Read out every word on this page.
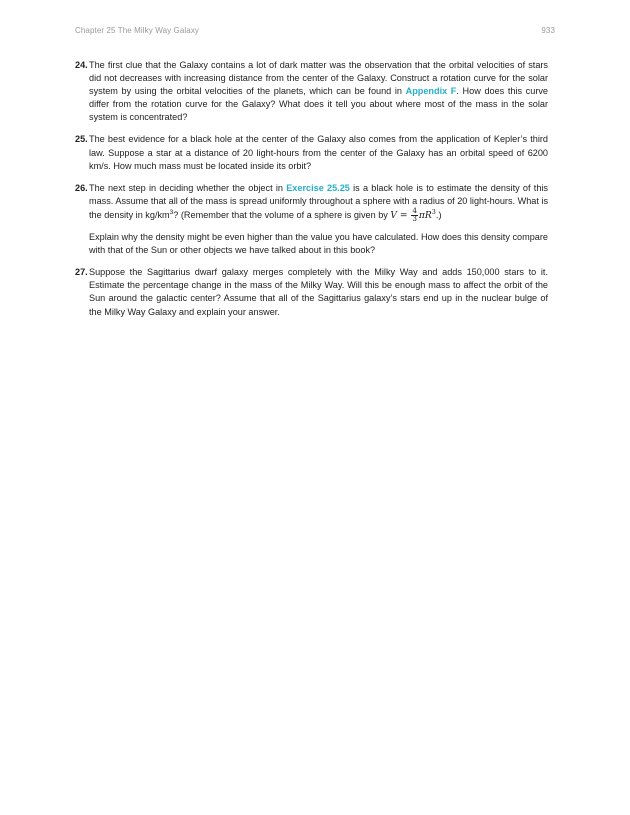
Chapter 25 The Milky Way Galaxy	933
24. The first clue that the Galaxy contains a lot of dark matter was the observation that the orbital velocities of stars did not decreases with increasing distance from the center of the Galaxy. Construct a rotation curve for the solar system by using the orbital velocities of the planets, which can be found in Appendix F. How does this curve differ from the rotation curve for the Galaxy? What does it tell you about where most of the mass in the solar system is concentrated?

25. The best evidence for a black hole at the center of the Galaxy also comes from the application of Kepler’s third law. Suppose a star at a distance of 20 light-hours from the center of the Galaxy has an orbital speed of 6200 km/s. How much mass must be located inside its orbit?

26. The next step in deciding whether the object in Exercise 25.25 is a black hole is to estimate the density of this mass. Assume that all of the mass is spread uniformly throughout a sphere with a radius of 20 light-hours. What is the density in $kg/km^3$? (Remember that the volume of a sphere is given by $V = \frac{4}{3} \pi R^3$.)

Explain why the density might be even higher than the value you have calculated. How does this density compare with that of the Sun or other objects we have talked about in this book?

27. Suppose the Sagittarius dwarf galaxy merges completely with the Milky Way and adds 150,000 stars to it. Estimate the percentage change in the mass of the Milky Way. Will this be enough mass to affect the orbit of the Sun around the galactic center? Assume that all of the Sagittarius galaxy’s stars end up in the nuclear bulge of the Milky Way Galaxy and explain your answer.
